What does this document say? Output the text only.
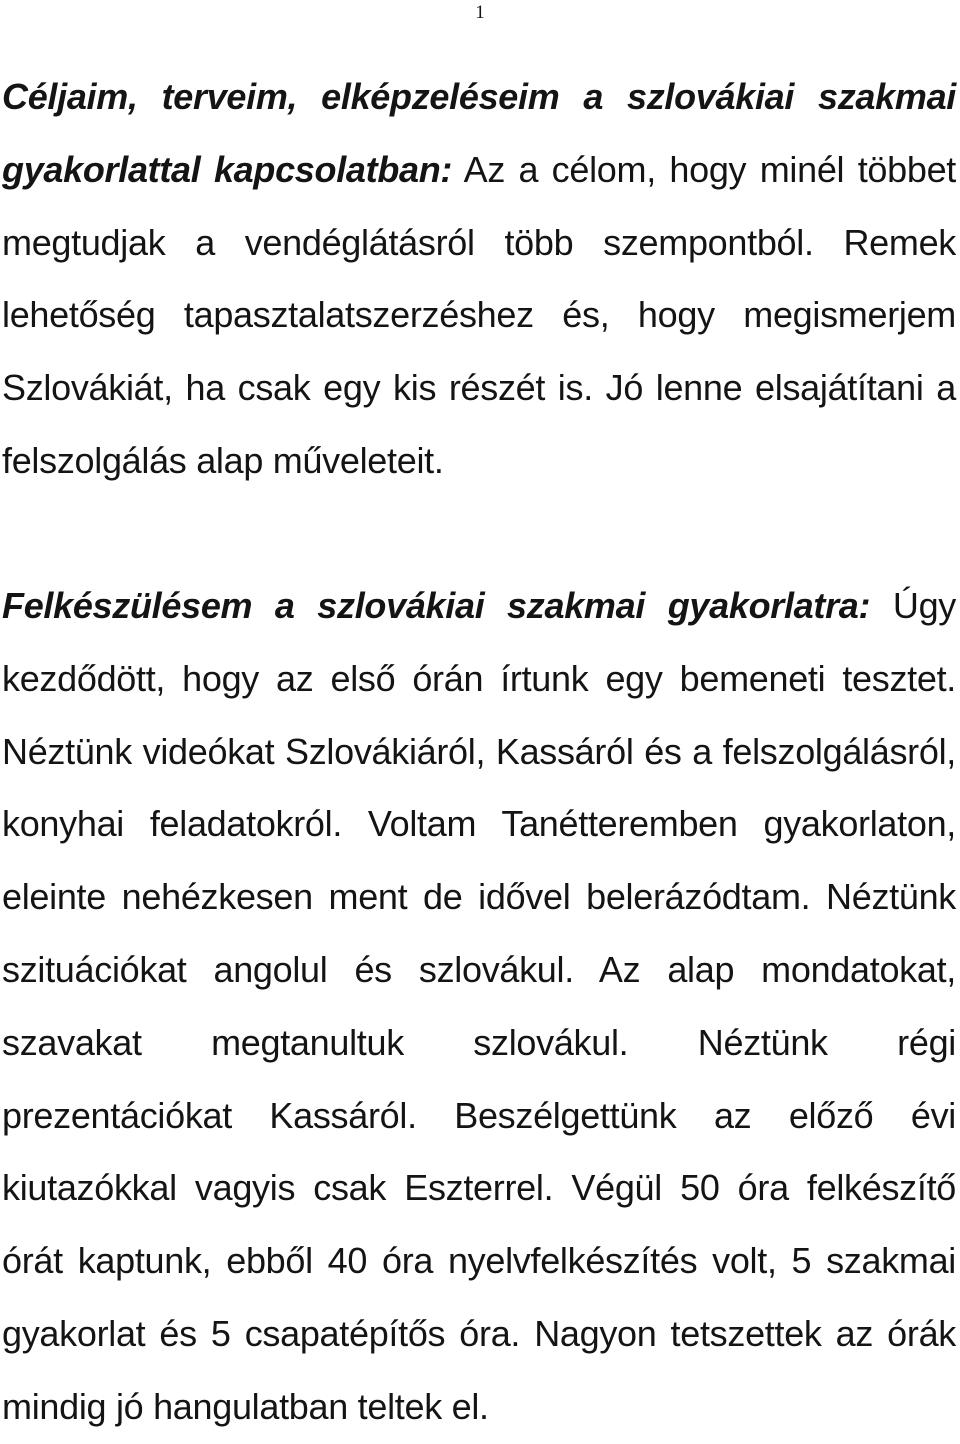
1

Céljaim, terveim, elképzeléseim a szlovákiai szakmai gyakorlattal kapcsolatban: Az a célom, hogy minél többet megtudjak a vendéglátásról több szempontból. Remek lehetőség tapasztalatszerzéshez és, hogy megismerjem Szlovákiát, ha csak egy kis részét is. Jó lenne elsajátítani a felszolgálás alap műveleteit.

Felkészülésem a szlovákiai szakmai gyakorlatra: Úgy kezdődött, hogy az első órán írtunk egy bemeneti tesztet. Néztünk videókat Szlovákiáról, Kassáról és a felszolgálásról, konyhai feladatokról. Voltam Tanétteremben gyakorlaton, eleinte nehézkesen ment de idővel belerázódtam. Néztünk szituációkat angolul és szlovákul. Az alap mondatokat, szavakat megtanultuk szlovákul. Néztünk régi prezentációkat Kassáról. Beszélgettünk az előző évi kiutazókkal vagyis csak Eszterrel. Végül 50 óra felkészítő órát kaptunk, ebből 40 óra nyelvfelkészítés volt, 5 szakmai gyakorlat és 5 csapatépítős óra. Nagyon tetszettek az órák mindig jó hangulatban teltek el.
